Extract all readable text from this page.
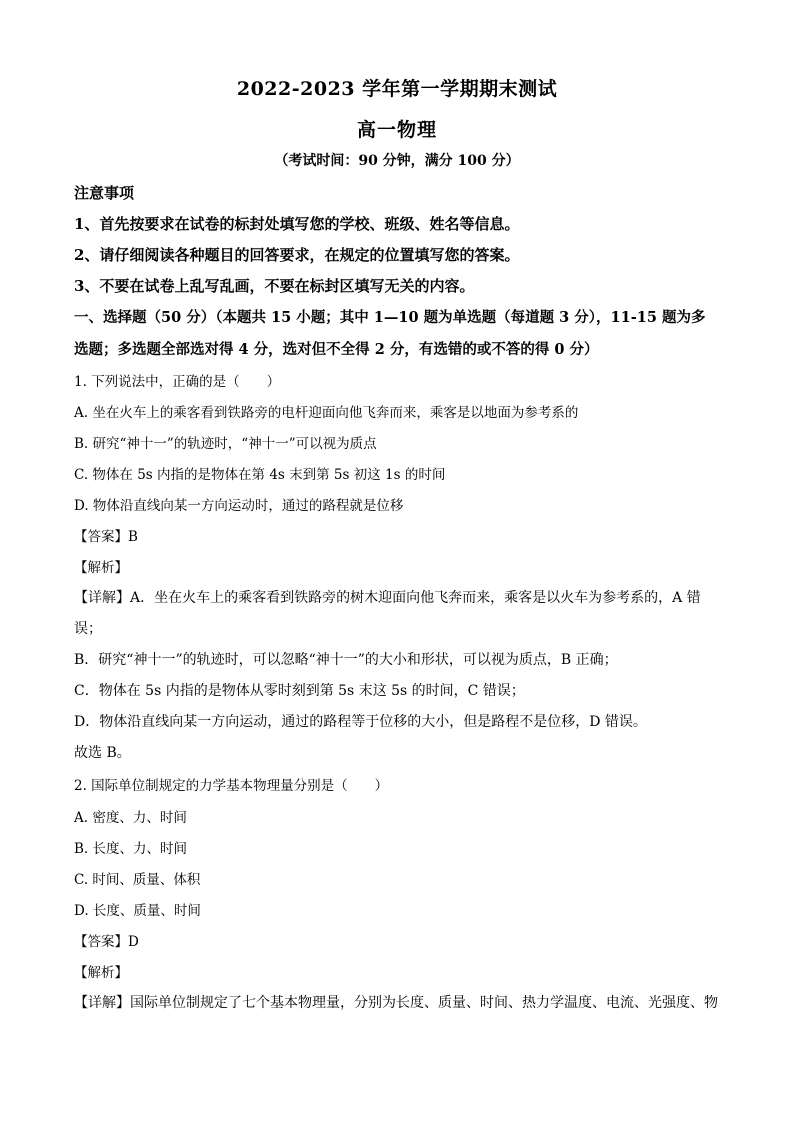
2022-2023 学年第一学期期末测试
高一物理
（考试时间：90 分钟，满分 100 分）
注意事项
1、首先按要求在试卷的标封处填写您的学校、班级、姓名等信息。
2、请仔细阅读各种题目的回答要求，在规定的位置填写您的答案。
3、不要在试卷上乱写乱画，不要在标封区填写无关的内容。
一、选择题（50 分）（本题共 15 小题；其中 1—10 题为单选题（每道题 3 分），11-15 题为多
选题；多选题全部选对得 4 分，选对但不全得 2 分，有选错的或不答的得 0 分）
1. 下列说法中，正确的是（　　）
A. 坐在火车上的乘客看到铁路旁的电杆迎面向他飞奔而来，乘客是以地面为参考系的
B. 研究“神十一”的轨迹时，“神十一”可以视为质点
C. 物体在 5s 内指的是物体在第 4s 末到第 5s 初这 1s 的时间
D. 物体沿直线向某一方向运动时，通过的路程就是位移
【答案】B
【解析】
【详解】A．坐在火车上的乘客看到铁路旁的树木迎面向他飞奔而来，乘客是以火车为参考系的，A 错
误；
B．研究“神十一”的轨迹时，可以忽略“神十一”的大小和形状，可以视为质点，B 正确；
C．物体在 5s 内指的是物体从零时刻到第 5s 末这 5s 的时间，C 错误；
D．物体沿直线向某一方向运动，通过的路程等于位移的大小，但是路程不是位移，D 错误。
故选 B。
2. 国际单位制规定的力学基本物理量分别是（　　）
A. 密度、力、时间
B. 长度、力、时间
C. 时间、质量、体积
D. 长度、质量、时间
【答案】D
【解析】
【详解】国际单位制规定了七个基本物理量，分别为长度、质量、时间、热力学温度、电流、光强度、物
